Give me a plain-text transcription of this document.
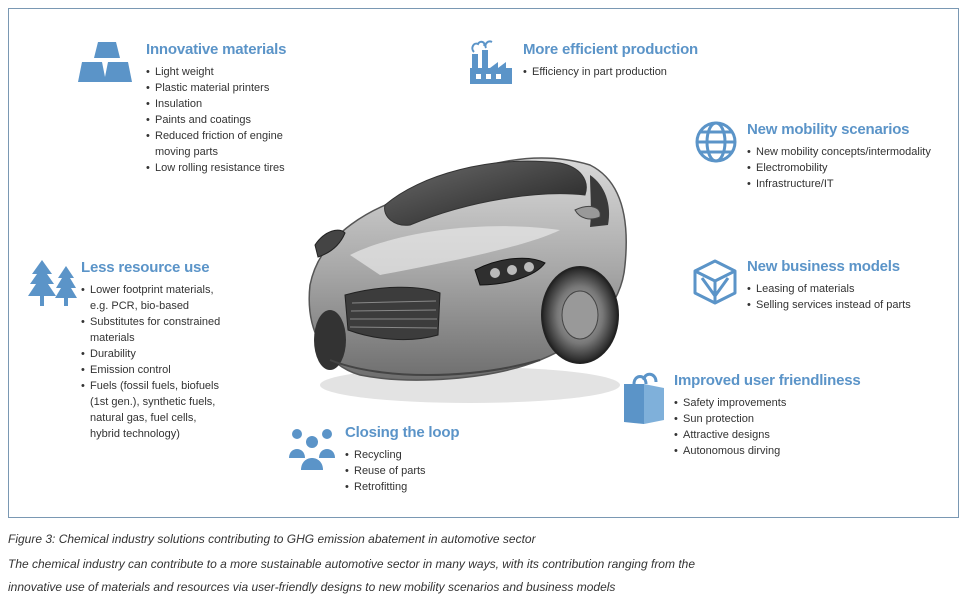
Innovative materials
• Light weight
• Plastic material printers
• Insulation
• Paints and coatings
• Reduced friction of engine
moving parts
• Low rolling resistance tires
More efficient production
• Efficiency in part production
New mobility scenarios
• New mobility concepts/intermodality
• Electromobility
• Infrastructure/IT
Less resource use
• Lower footprint materials,
e.g. PCR, bio-based
• Substitutes for constrained
materials
• Durability
• Emission control
• Fuels (fossil fuels, biofuels
(1st gen.), synthetic fuels,
natural gas, fuel cells,
hybrid technology)
New business models
• Leasing of materials
• Selling services instead of parts
Improved user friendliness
• Safety improvements
• Sun protection
• Attractive designs
• Autonomous dirving
Closing the loop
• Recycling
• Reuse of parts
• Retrofitting
Figure 3: Chemical industry solutions contributing to GHG emission abatement in automotive sector
The chemical industry can contribute to a more sustainable automotive sector in many ways, with its contribution ranging from the
innovative use of materials and resources via user-friendly designs to new mobility scenarios and business models
